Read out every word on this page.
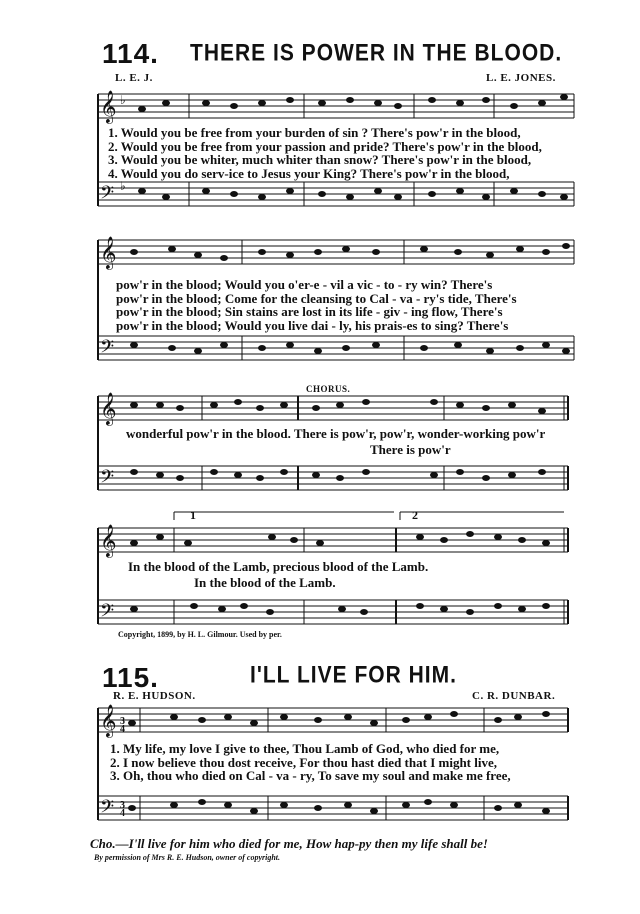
114. THERE IS POWER IN THE BLOOD.
L. E. J.	L. E. JONES.
𝄞
𝄢
♭
♭
1. Would you be free from your burden of sin ? There's pow'r in the blood,
2. Would you be free from your passion and pride? There's pow'r in the blood,
3. Would you be whiter, much whiter than snow? There's pow'r in the blood,
4. Would you do serv-ice to Jesus your King? There's pow'r in the blood,
𝄞
𝄢
pow'r in the blood; Would you o'er-e - vil a vic - to - ry win? There's
pow'r in the blood; Come for the cleansing to Cal - va - ry's tide, There's
pow'r in the blood; Sin stains are lost in its life - giv - ing flow, There's
pow'r in the blood; Would you live dai - ly, his prais-es to sing? There's
CHORUS.
𝄞
𝄢
wonderful pow'r in the blood. There is pow'r, pow'r, wonder-working pow'r
There is pow'r
1	2
𝄞
𝄢
In the blood of the Lamb, precious blood of the Lamb.
In the blood of the Lamb.
Copyright, 1899, by H. L. Gilmour. Used by per.
115.	I'LL LIVE FOR HIM.
R. E. HUDSON.	C. R. DUNBAR.
𝄞
𝄢
3
4
3
4
1. My life, my love I give to thee, Thou Lamb of God, who died for me,
2. I now believe thou dost receive, For thou hast died that I might live,
3. Oh, thou who died on Cal - va - ry, To save my soul and make me free,
Cho.—I'll live for him who died for me, How hap-py then my life shall be!
By permission of Mrs R. E. Hudson, owner of copyright.
